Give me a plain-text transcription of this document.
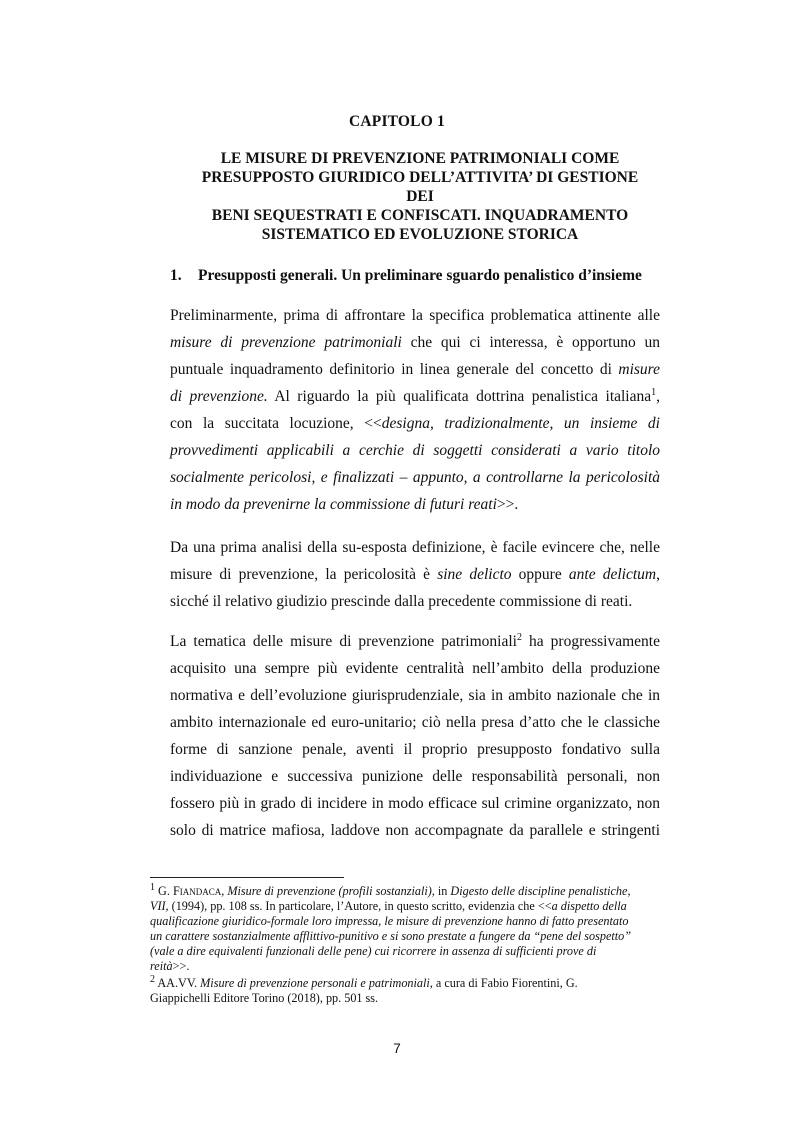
CAPITOLO 1
LE MISURE DI PREVENZIONE PATRIMONIALI COME
PRESUPPOSTO GIURIDICO DELL’ATTIVITA’ DI GESTIONE DEI
BENI SEQUESTRATI E CONFISCATI. INQUADRAMENTO
SISTEMATICO ED EVOLUZIONE STORICA
1. Presupposti generali. Un preliminare sguardo penalistico d’insieme
Preliminarmente, prima di affrontare la specifica problematica attinente alle
misure di prevenzione patrimoniali che qui ci interessa, è opportuno un
puntuale inquadramento definitorio in linea generale del concetto di misure
di prevenzione. Al riguardo la più qualificata dottrina penalistica italiana$^1$,
con la succitata locuzione, <<designa, tradizionalmente, un insieme di
provvedimenti applicabili a cerchie di soggetti considerati a vario titolo
socialmente pericolosi, e finalizzati – appunto, a controllarne la pericolosità
in modo da prevenirne la commissione di futuri reati>>.
Da una prima analisi della su-esposta definizione, è facile evincere che, nelle
misure di prevenzione, la pericolosità è sine delicto oppure ante delictum,
sicché il relativo giudizio prescinde dalla precedente commissione di reati.
La tematica delle misure di prevenzione patrimoniali$^2$ ha progressivamente
acquisito una sempre più evidente centralità nell’ambito della produzione
normativa e dell’evoluzione giurisprudenziale, sia in ambito nazionale che in
ambito internazionale ed euro-unitario; ciò nella presa d’atto che le classiche
forme di sanzione penale, aventi il proprio presupposto fondativo sulla
individuazione e successiva punizione delle responsabilità personali, non
fossero più in grado di incidere in modo efficace sul crimine organizzato, non
solo di matrice mafiosa, laddove non accompagnate da parallele e stringenti
$^1$ G. Fiandaca, Misure di prevenzione (profili sostanziali), in Digesto delle discipline penalistiche,
VII, (1994), pp. 108 ss. In particolare, l’Autore, in questo scritto, evidenzia che <<a dispetto della
qualificazione giuridico-formale loro impressa, le misure di prevenzione hanno di fatto presentato
un carattere sostanzialmente afflittivo-punitivo e si sono prestate a fungere da “pene del sospetto”
(vale a dire equivalenti funzionali delle pene) cui ricorrere in assenza di sufficienti prove di
reità>>.
$^2$ AA.VV. Misure di prevenzione personali e patrimoniali, a cura di Fabio Fiorentini, G.
Giappichelli Editore Torino (2018), pp. 501 ss.
7
